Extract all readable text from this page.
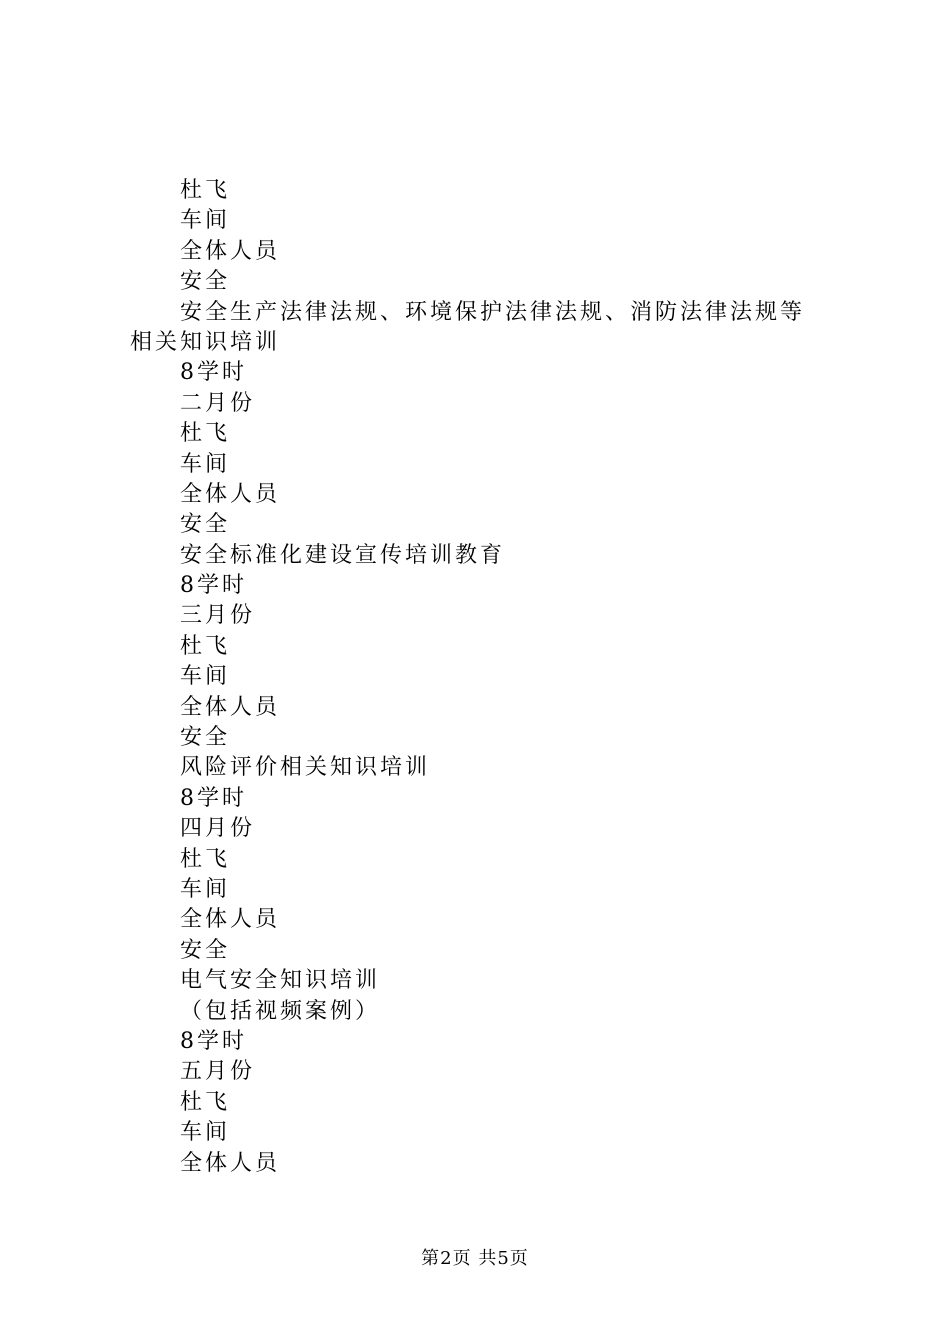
杜飞
车间
全体人员
安全
安全生产法律法规、环境保护法律法规、消防法律法规等
相关知识培训
8学时
二月份
杜飞
车间
全体人员
安全
安全标准化建设宣传培训教育
8学时
三月份
杜飞
车间
全体人员
安全
风险评价相关知识培训
8学时
四月份
杜飞
车间
全体人员
安全
电气安全知识培训
（包括视频案例）
8学时
五月份
杜飞
车间
全体人员
第2页 共5页
